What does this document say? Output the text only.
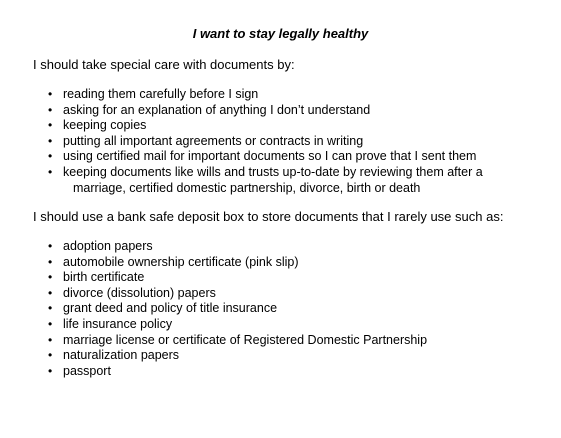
I want to stay legally healthy

I should take special care with documents by:

• reading them carefully before I sign
• asking for an explanation of anything I don’t understand
• keeping copies
• putting all important agreements or contracts in writing
• using certified mail for important documents so I can prove that I sent them
• keeping documents like wills and trusts up-to-date by reviewing them after a
marriage, certified domestic partnership, divorce, birth or death

I should use a bank safe deposit box to store documents that I rarely use such as:

• adoption papers
• automobile ownership certificate (pink slip)
• birth certificate
• divorce (dissolution) papers
• grant deed and policy of title insurance
• life insurance policy
• marriage license or certificate of Registered Domestic Partnership
• naturalization papers
• passport
